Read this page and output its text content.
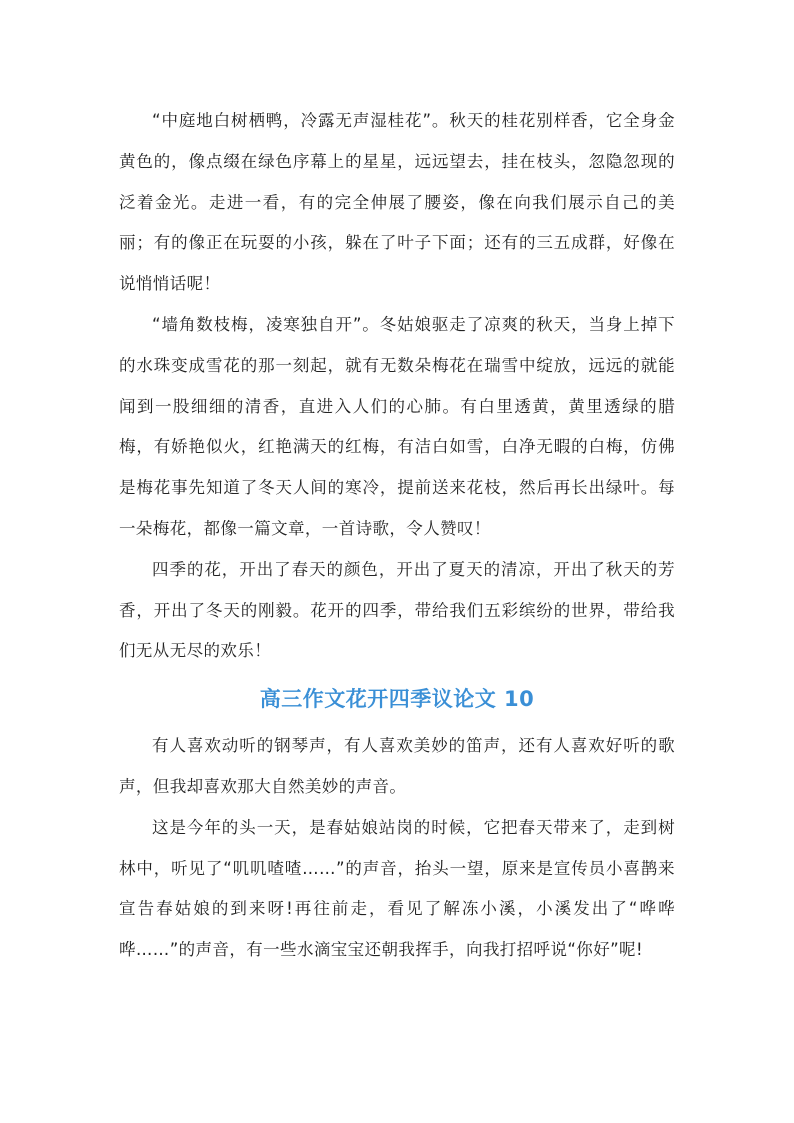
“中庭地白树栖鸭，冷露无声湿桂花”。秋天的桂花别样香，它全身金黄色的，像点缀在绿色序幕上的星星，远远望去，挂在枝头，忽隐忽现的泛着金光。走进一看，有的完全伸展了腰姿，像在向我们展示自己的美丽；有的像正在玩耍的小孩，躲在了叶子下面；还有的三五成群，好像在说悄悄话呢！

“墙角数枝梅，凌寒独自开”。冬姑娘驱走了凉爽的秋天，当身上掉下的水珠变成雪花的那一刻起，就有无数朵梅花在瑞雪中绽放，远远的就能闻到一股细细的清香，直进入人们的心肺。有白里透黄，黄里透绿的腊梅，有娇艳似火，红艳满天的红梅，有洁白如雪，白净无暇的白梅，仿佛是梅花事先知道了冬天人间的寒冷，提前送来花枝，然后再长出绿叶。每一朵梅花，都像一篇文章，一首诗歌，令人赞叹！

四季的花，开出了春天的颜色，开出了夏天的清凉，开出了秋天的芳香，开出了冬天的刚毅。花开的四季，带给我们五彩缤纷的世界，带给我们无从无尽的欢乐！

高三作文花开四季议论文 10

有人喜欢动听的钢琴声，有人喜欢美妙的笛声，还有人喜欢好听的歌声，但我却喜欢那大自然美妙的声音。

这是今年的头一天，是春姑娘站岗的时候，它把春天带来了，走到树林中，听见了“叽叽喳喳……”的声音，抬头一望，原来是宣传员小喜鹊来宣告春姑娘的到来呀!再往前走，看见了解冻小溪，小溪发出了“哗哗哗……”的声音，有一些水滴宝宝还朝我挥手，向我打招呼说“你好”呢!
